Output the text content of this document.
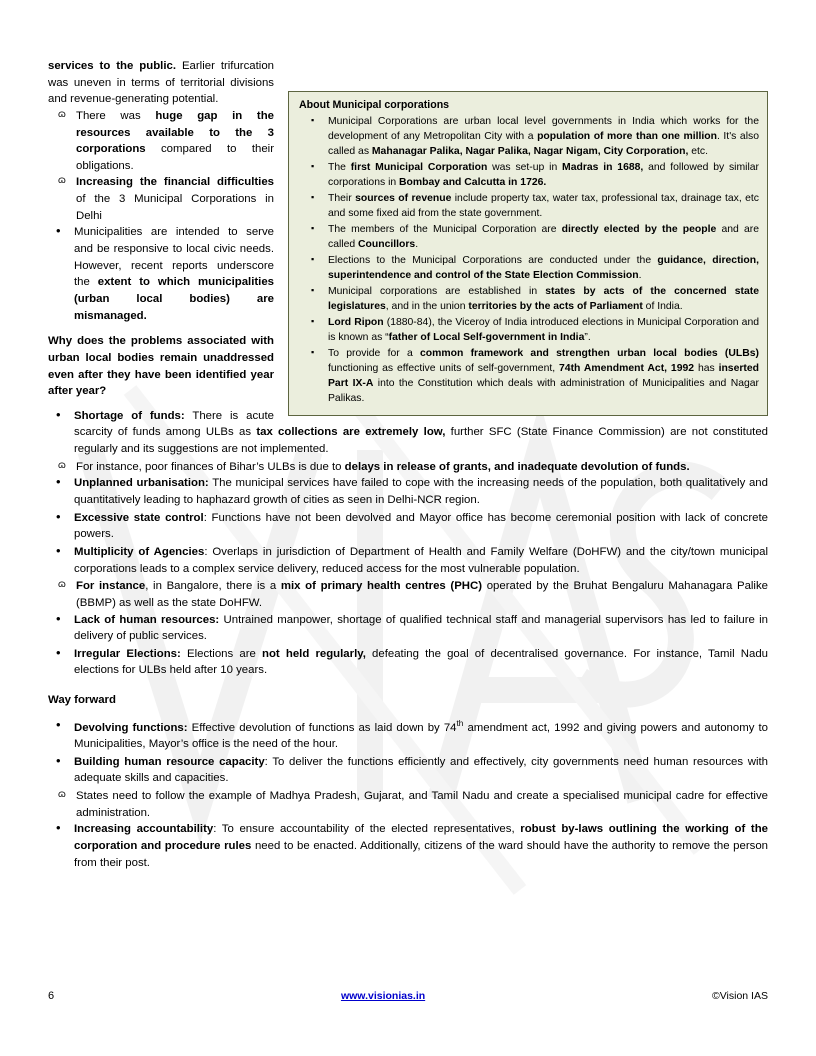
About Municipal corporations
▪ Municipal Corporations are urban local level governments in India which works for the development of any Metropolitan City with a population of more than one million. It's also called as Mahanagar Palika, Nagar Palika, Nagar Nigam, City Corporation, etc.
▪ The first Municipal Corporation was set-up in Madras in 1688, and followed by similar corporations in Bombay and Calcutta in 1726.
▪ Their sources of revenue include property tax, water tax, professional tax, drainage tax, etc and some fixed aid from the state government.
▪ The members of the Municipal Corporation are directly elected by the people and are called Councillors.
▪ Elections to the Municipal Corporations are conducted under the guidance, direction, superintendence and control of the State Election Commission.
▪ Municipal corporations are established in states by acts of the concerned state legislatures, and in the union territories by the acts of Parliament of India.
▪ Lord Ripon (1880-84), the Viceroy of India introduced elections in Municipal Corporation and is known as “father of Local Self-government in India”.
▪ To provide for a common framework and strengthen urban local bodies (ULBs) functioning as effective units of self-government, 74th Amendment Act, 1992 has inserted Part IX-A into the Constitution which deals with administration of Municipalities and Nagar Palikas.
services to the public. Earlier trifurcation was uneven in terms of territorial divisions and revenue-generating potential.
ɷ There was huge gap in the resources available to the 3 corporations compared to their obligations.
ɷ Increasing the financial difficulties of the 3 Municipal Corporations in Delhi
• Municipalities are intended to serve and be responsive to local civic needs. However, recent reports underscore the extent to which municipalities (urban local bodies) are mismanaged.
Why does the problems associated with urban local bodies remain unaddressed even after they have been identified year after year?
• Shortage of funds: There is acute scarcity of funds among ULBs as tax collections are extremely low, further SFC (State Finance Commission) are not constituted regularly and its suggestions are not implemented.
ɷ For instance, poor finances of Bihar’s ULBs is due to delays in release of grants, and inadequate devolution of funds.
• Unplanned urbanisation: The municipal services have failed to cope with the increasing needs of the population, both qualitatively and quantitatively leading to haphazard growth of cities as seen in Delhi-NCR region.
• Excessive state control: Functions have not been devolved and Mayor office has become ceremonial position with lack of concrete powers.
• Multiplicity of Agencies: Overlaps in jurisdiction of Department of Health and Family Welfare (DoHFW) and the city/town municipal corporations leads to a complex service delivery, reduced access for the most vulnerable population.
ɷ For instance, in Bangalore, there is a mix of primary health centres (PHC) operated by the Bruhat Bengaluru Mahanagara Palike (BBMP) as well as the state DoHFW.
• Lack of human resources: Untrained manpower, shortage of qualified technical staff and managerial supervisors has led to failure in delivery of public services.
• Irregular Elections: Elections are not held regularly, defeating the goal of decentralised governance. For instance, Tamil Nadu elections for ULBs held after 10 years.
Way forward
• Devolving functions: Effective devolution of functions as laid down by 74th amendment act, 1992 and giving powers and autonomy to Municipalities, Mayor’s office is the need of the hour.
• Building human resource capacity: To deliver the functions efficiently and effectively, city governments need human resources with adequate skills and capacities.
ɷ States need to follow the example of Madhya Pradesh, Gujarat, and Tamil Nadu and create a specialised municipal cadre for effective administration.
• Increasing accountability: To ensure accountability of the elected representatives, robust by-laws outlining the working of the corporation and procedure rules need to be enacted. Additionally, citizens of the ward should have the authority to remove the person from their post.
6	www.visionias.in	©Vision IAS
